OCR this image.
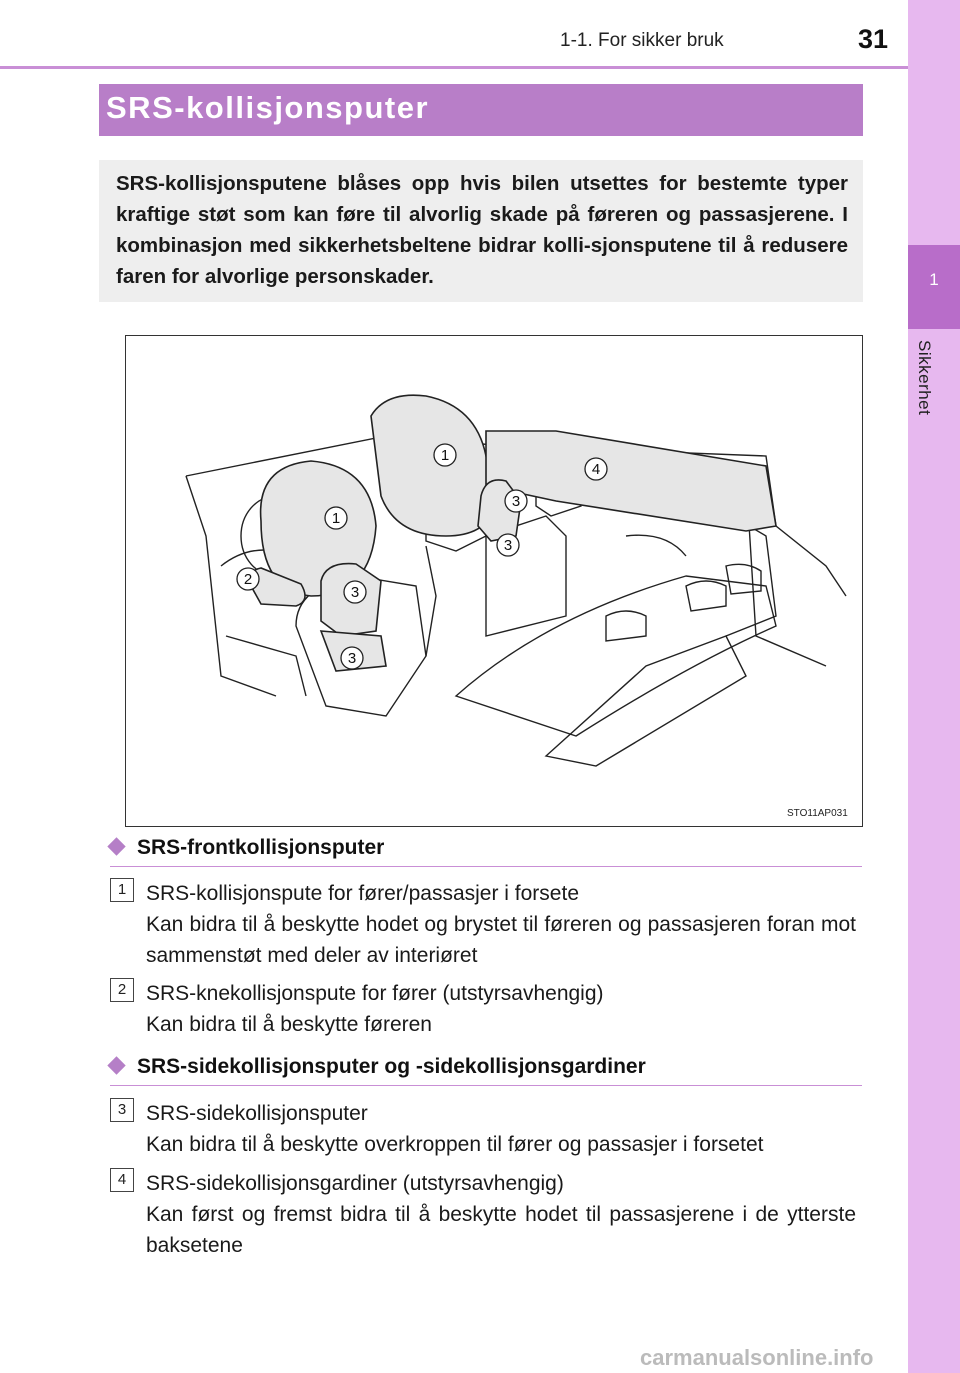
1-1. For sikker bruk	31
1
Sikkerhet
SRS-kollisjonsputer
SRS-kollisjonsputene blåses opp hvis bilen utsettes for bestemte typer kraftige støt som kan føre til alvorlig skade på føreren og passasjerene. I kombinasjon med sikkerhetsbeltene bidrar kolli-sjonsputene til å redusere faren for alvorlige personskader.
1
1
2
3
3
3
3
4
STO11AP031
SRS-frontkollisjonsputer
1 SRS-kollisjonspute for fører/passasjer i forsete
Kan bidra til å beskytte hodet og brystet til føreren og passasjeren foran mot sammenstøt med deler av interiøret
2 SRS-knekollisjonspute for fører (utstyrsavhengig)
Kan bidra til å beskytte føreren
SRS-sidekollisjonsputer og -sidekollisjonsgardiner
3 SRS-sidekollisjonsputer
Kan bidra til å beskytte overkroppen til fører og passasjer i forsetet
4 SRS-sidekollisjonsgardiner (utstyrsavhengig)
Kan først og fremst bidra til å beskytte hodet til passasjerene i de ytterste baksetene
carmanualsonline.info
